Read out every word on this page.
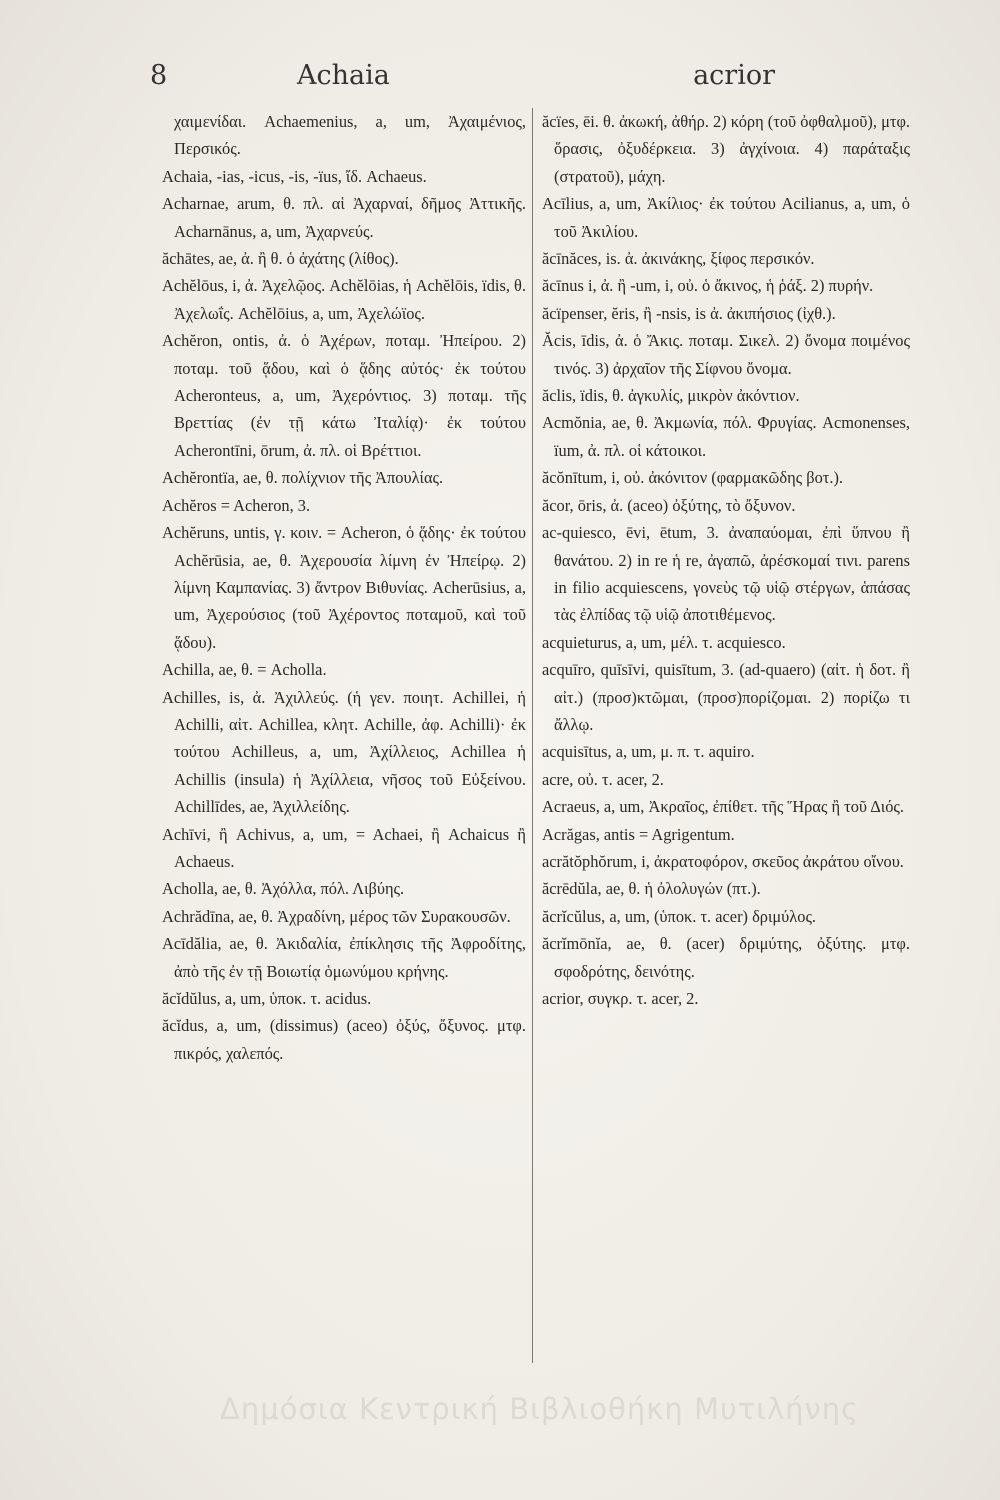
8	Achaia	acrior

χαιμενίδαι. Achaemenius, a, um, Ἀχαιμένιος, Περσικός.

Achaia, -ias, -icus, -is, -ïus, ἴδ. Achaeus.

Acharnae, arum, θ. πλ. αἱ Ἀχαρναί, δῆμος Ἀττικῆς. Acharnānus, a, um, Ἀχαρνεύς.

ăchātes, ae, ἀ. ἢ θ. ὁ ἀχάτης (λίθος).

Achĕlōus, i, ἀ. Ἀχελῷος. Achĕlōias, ἡ Achĕlōis, ïdis, θ. Ἀχελωΐς. Achĕlōius, a, um, Ἀχελώϊος.

Achĕron, ontis, ἀ. ὁ Ἀχέρων, ποταμ. Ἠπείρου. 2) ποταμ. τοῦ ᾅδου, καὶ ὁ ᾅδης αὐτός· ἐκ τούτου Acheronteus, a, um, Ἀχερόντιος. 3) ποταμ. τῆς Βρεττίας (ἐν τῇ κάτω Ἰταλίᾳ)· ἐκ τούτου Acherontīni, ōrum, ἀ. πλ. οἱ Βρέττιοι.

Achĕrontïa, ae, θ. πολίχνιον τῆς Ἀπουλίας.

Achĕros = Acheron, 3.

Achĕruns, untis, γ. κοιν. = Acheron, ὁ ᾅδης· ἐκ τούτου Achĕrūsia, ae, θ. Ἀχερουσία λίμνη ἐν Ἠπείρῳ. 2) λίμνη Καμπανίας. 3) ἄντρον Βιθυνίας. Acherūsius, a, um, Ἀχερούσιος (τοῦ Ἀχέροντος ποταμοῦ, καὶ τοῦ ᾅδου).

Achilla, ae, θ. = Acholla.

Achilles, is, ἀ. Ἀχιλλεύς. (ἡ γεν. ποιητ. Achillei, ἡ Achilli, αἰτ. Achillea, κλητ. Achille, ἀφ. Achilli)· ἐκ τούτου Achilleus, a, um, Ἀχίλλειος, Achillea ἡ Achillis (insula) ἡ Ἀχίλλεια, νῆσος τοῦ Εὐξείνου. Achillīdes, ae, Ἀχιλλείδης.

Achīvi, ἢ Achivus, a, um, = Achaei, ἢ Achaicus ἢ Achaeus.

Acholla, ae, θ. Ἀχόλλα, πόλ. Λιβύης.

Achrădīna, ae, θ. Ἀχραδίνη, μέρος τῶν Συρακουσῶν.

Acīdălia, ae, θ. Ἀκιδαλία, ἐπίκλησις τῆς Ἀφροδίτης, ἀπὸ τῆς ἐν τῇ Βοιωτίᾳ ὁμωνύμου κρήνης.

ăcĭdŭlus, a, um, ὑποκ. τ. acidus.

ăcĭdus, a, um, (dissimus) (aceo) ὀξύς, ὄξυνος. μτφ. πικρός, χαλεπός.

ăcïes, ēi. θ. ἀκωκή, ἀθήρ. 2) κόρη (τοῦ ὀφθαλμοῦ), μτφ. ὅρασις, ὀξυδέρκεια. 3) ἀγχίνοια. 4) παράταξις (στρατοῦ), μάχη.

Acīlius, a, um, Ἀκίλιος· ἐκ τούτου Acilianus, a, um, ὁ τοῦ Ἀκιλίου.

ăcīnăces, is. ἀ. ἀκινάκης, ξίφος περσικόν.

ăcīnus i, ἀ. ἢ -um, i, οὐ. ὁ ἄκινος, ἡ ῥάξ. 2) πυρήν.

ăcïpenser, ĕris, ἢ -nsis, is ἀ. ἀκιπήσιος (ἰχθ.).

Ăcis, īdis, ἀ. ὁ Ἄκις. ποταμ. Σικελ. 2) ὄνομα ποιμένος τινός. 3) ἀρχαῖον τῆς Σίφνου ὄνομα.

ăclis, ïdis, θ. ἀγκυλίς, μικρὸν ἀκόντιον.

Acmŏnia, ae, θ. Ἀκμωνία, πόλ. Φρυγίας. Acmonenses, ïum, ἀ. πλ. οἱ κάτοικοι.

ăcŏnītum, i, οὐ. ἀκόνιτον (φαρμακῶδης βοτ.).

ăcor, ōris, ἀ. (aceo) ὀξύτης, τὸ ὄξυνον.

ac-quiesco, ēvi, ētum, 3. ἀναπαύομαι, ἐπὶ ὕπνου ἢ θανάτου. 2) in re ἡ re, ἀγαπῶ, ἀρέσκομαί τινι. parens in filio acquiescens, γονεὺς τῷ υἱῷ στέργων, ἁπάσας τὰς ἐλπίδας τῷ υἱῷ ἀποτιθέμενος.

acquieturus, a, um, μέλ. τ. acquiesco.

acquīro, quīsīvi, quisītum, 3. (ad-quaero) (αἰτ. ἡ δοτ. ἢ αἰτ.) (προσ)κτῶμαι, (προσ)πορίζομαι. 2) πορίζω τι ἄλλῳ.

acquisītus, a, um, μ. π. τ. aquiro.

acre, οὐ. τ. acer, 2.

Acraeus, a, um, Ἀκραῖος, ἐπίθετ. τῆς Ἥρας ἢ τοῦ Διός.

Acrăgas, antis = Agrigentum.

acrătŏphŏrum, i, ἀκρατοφόρον, σκεῦος ἀκράτου οἴνου.

ăcrēdŭla, ae, θ. ἡ ὀλολυγών (πτ.).

ăcrĭcŭlus, a, um, (ὑποκ. τ. acer) δριμύλος.

ăcrĭmōnĭa, ae, θ. (acer) δριμύτης, ὀξύτης. μτφ. σφοδρότης, δεινότης.

acrior, συγκρ. τ. acer, 2.

Δημόσια Κεντρική Βιβλιοθήκη Μυτιλήνης
